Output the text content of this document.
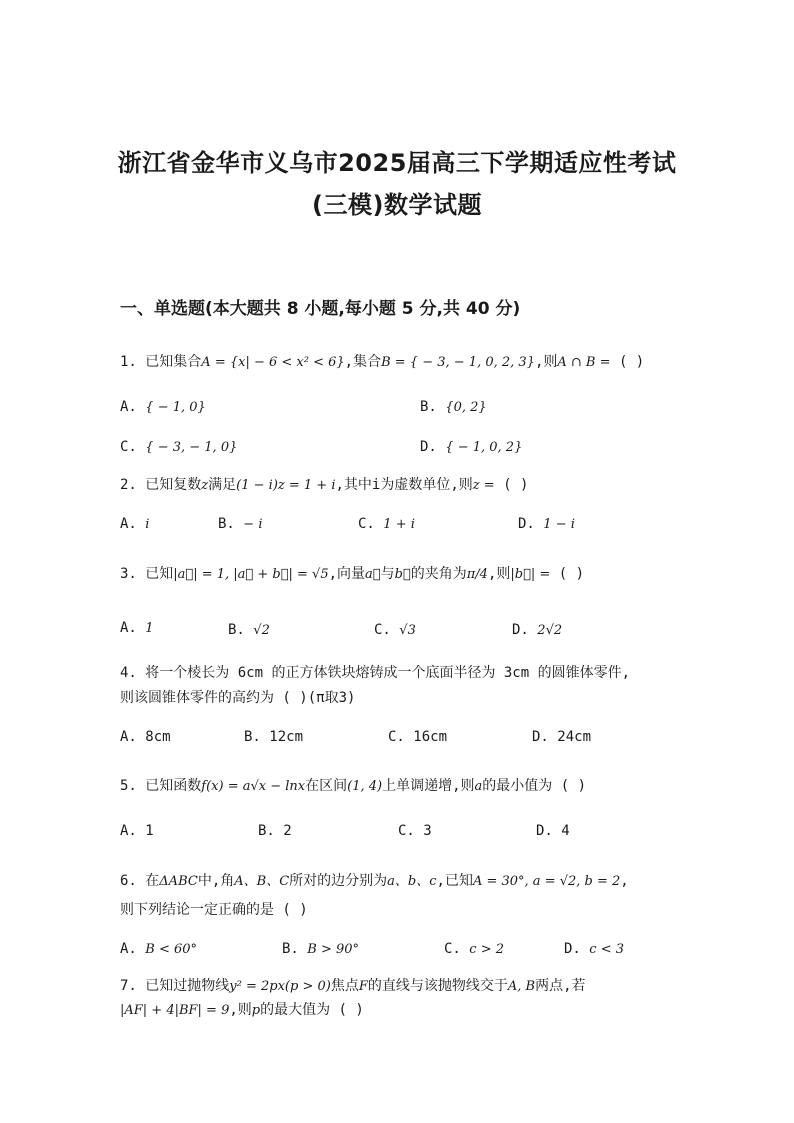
浙江省金华市义乌市2025届高三下学期适应性考试
(三模)数学试题
一、单选题(本大题共 8 小题,每小题 5 分,共 40 分)
1. 已知集合A = {x| − 6 < x² < 6},集合B = { − 3, − 1, 0, 2, 3},则A ∩ B = ( )
A. { − 1, 0}	B. {0, 2}
C. { − 3, − 1, 0}	D. { − 1, 0, 2}
2. 已知复数z满足(1 − i)z = 1 + i,其中i为虚数单位,则z = ( )
A. i	B. − i	C. 1 + i	D. 1 − i
3. 已知|a⃗| = 1, |a⃗ + b⃗| = √5,向量a⃗与b⃗的夹角为π/4,则|b⃗| = ( )
A. 1	B. √2	C. √3	D. 2√2
4. 将一个棱长为 6cm 的正方体铁块熔铸成一个底面半径为 3cm 的圆锥体零件,
则该圆锥体零件的高约为 ( )(π取3)
A. 8cm	B. 12cm	C. 16cm	D. 24cm
5. 已知函数f(x) = a√x − lnx在区间(1, 4)上单调递增,则a的最小值为 ( )
A. 1	B. 2	C. 3	D. 4
6. 在ΔABC中,角A、B、C所对的边分别为a、b、c,已知A = 30°, a = √2, b = 2,
则下列结论一定正确的是 ( )
A. B < 60°	B. B > 90°	C. c > 2	D. c < 3
7. 已知过抛物线y² = 2px(p > 0)焦点F的直线与该抛物线交于A, B两点,若
|AF| + 4|BF| = 9,则p的最大值为 ( )
